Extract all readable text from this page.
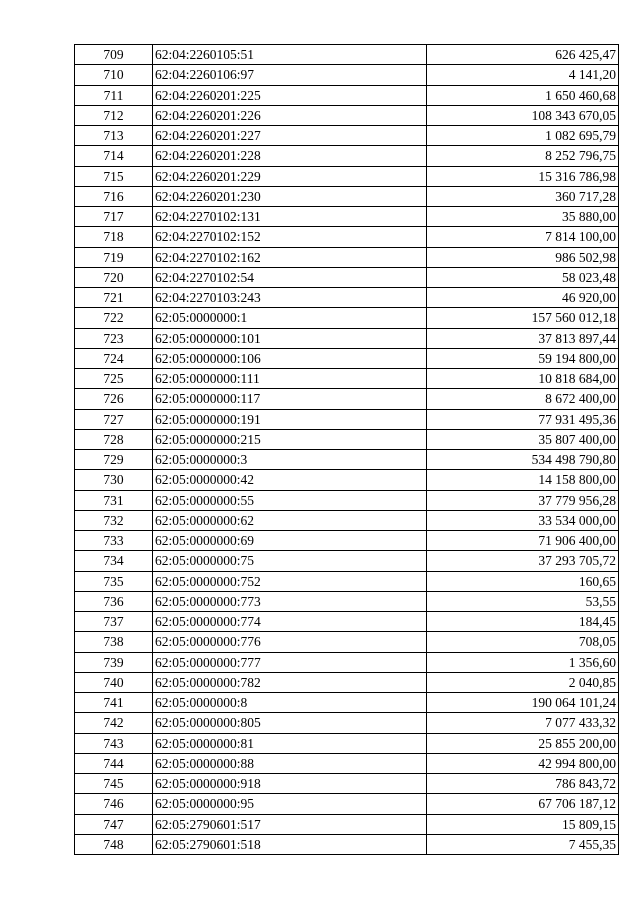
709	62:04:2260105:51	626 425,47
710	62:04:2260106:97	4 141,20
711	62:04:2260201:225	1 650 460,68
712	62:04:2260201:226	108 343 670,05
713	62:04:2260201:227	1 082 695,79
714	62:04:2260201:228	8 252 796,75
715	62:04:2260201:229	15 316 786,98
716	62:04:2260201:230	360 717,28
717	62:04:2270102:131	35 880,00
718	62:04:2270102:152	7 814 100,00
719	62:04:2270102:162	986 502,98
720	62:04:2270102:54	58 023,48
721	62:04:2270103:243	46 920,00
722	62:05:0000000:1	157 560 012,18
723	62:05:0000000:101	37 813 897,44
724	62:05:0000000:106	59 194 800,00
725	62:05:0000000:111	10 818 684,00
726	62:05:0000000:117	8 672 400,00
727	62:05:0000000:191	77 931 495,36
728	62:05:0000000:215	35 807 400,00
729	62:05:0000000:3	534 498 790,80
730	62:05:0000000:42	14 158 800,00
731	62:05:0000000:55	37 779 956,28
732	62:05:0000000:62	33 534 000,00
733	62:05:0000000:69	71 906 400,00
734	62:05:0000000:75	37 293 705,72
735	62:05:0000000:752	160,65
736	62:05:0000000:773	53,55
737	62:05:0000000:774	184,45
738	62:05:0000000:776	708,05
739	62:05:0000000:777	1 356,60
740	62:05:0000000:782	2 040,85
741	62:05:0000000:8	190 064 101,24
742	62:05:0000000:805	7 077 433,32
743	62:05:0000000:81	25 855 200,00
744	62:05:0000000:88	42 994 800,00
745	62:05:0000000:918	786 843,72
746	62:05:0000000:95	67 706 187,12
747	62:05:2790601:517	15 809,15
748	62:05:2790601:518	7 455,35
